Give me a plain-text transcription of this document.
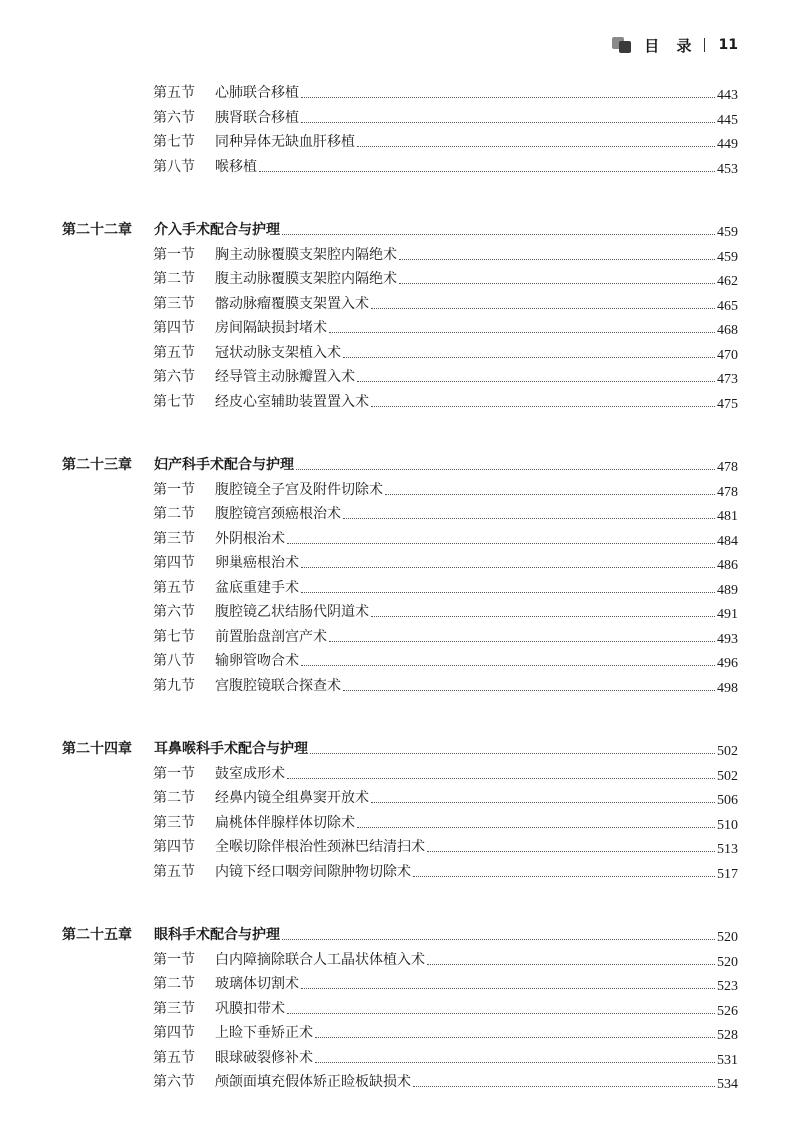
目 录 11
第五节	心肺联合移植	443
第六节	胰肾联合移植	445
第七节	同种异体无缺血肝移植	449
第八节	喉移植	453
第二十二章	介入手术配合与护理	459
第一节	胸主动脉覆膜支架腔内隔绝术	459
第二节	腹主动脉覆膜支架腔内隔绝术	462
第三节	髂动脉瘤覆膜支架置入术	465
第四节	房间隔缺损封堵术	468
第五节	冠状动脉支架植入术	470
第六节	经导管主动脉瓣置入术	473
第七节	经皮心室辅助装置置入术	475
第二十三章	妇产科手术配合与护理	478
第一节	腹腔镜全子宫及附件切除术	478
第二节	腹腔镜宫颈癌根治术	481
第三节	外阴根治术	484
第四节	卵巢癌根治术	486
第五节	盆底重建手术	489
第六节	腹腔镜乙状结肠代阴道术	491
第七节	前置胎盘剖宫产术	493
第八节	输卵管吻合术	496
第九节	宫腹腔镜联合探查术	498
第二十四章	耳鼻喉科手术配合与护理	502
第一节	鼓室成形术	502
第二节	经鼻内镜全组鼻窦开放术	506
第三节	扁桃体伴腺样体切除术	510
第四节	全喉切除伴根治性颈淋巴结清扫术	513
第五节	内镜下经口咽旁间隙肿物切除术	517
第二十五章	眼科手术配合与护理	520
第一节	白内障摘除联合人工晶状体植入术	520
第二节	玻璃体切割术	523
第三节	巩膜扣带术	526
第四节	上睑下垂矫正术	528
第五节	眼球破裂修补术	531
第六节	颅颌面填充假体矫正睑板缺损术	534
